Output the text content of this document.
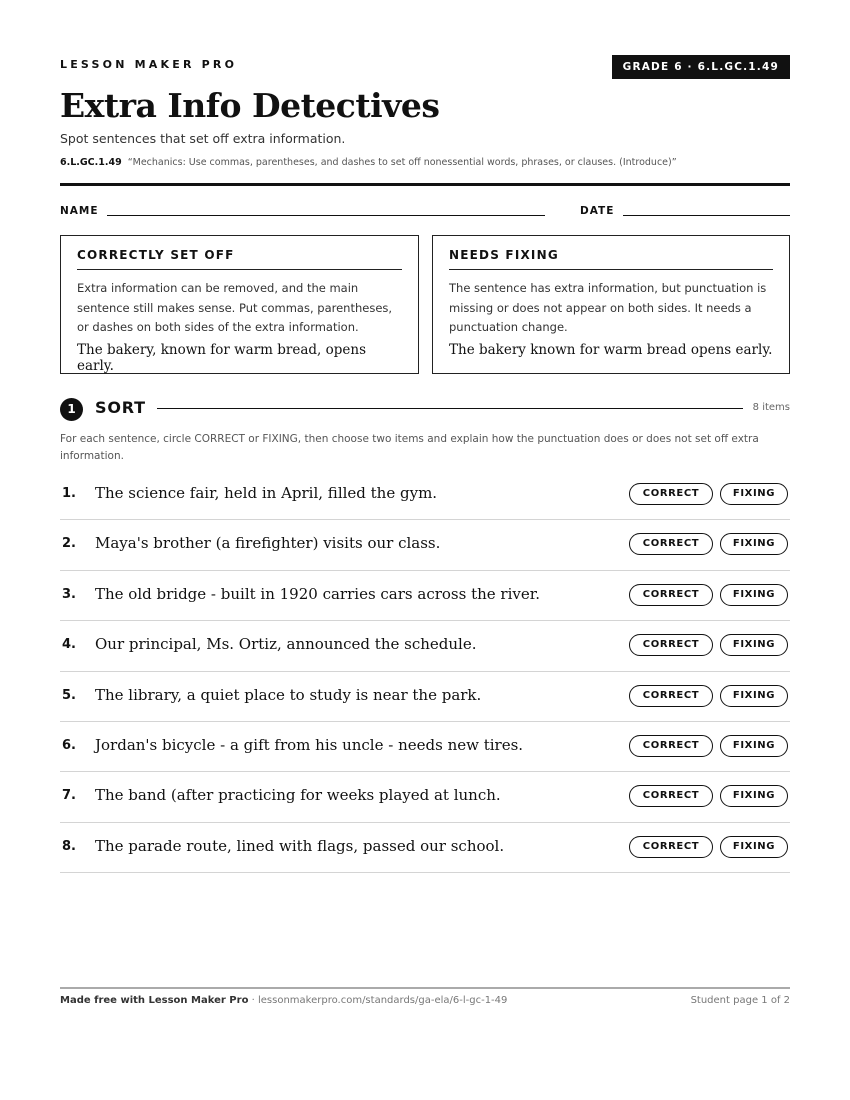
LESSON MAKER PRO	GRADE 6 · 6.L.GC.1.49
Extra Info Detectives
Spot sentences that set off extra information.
6.L.GC.1.49 “Mechanics: Use commas, parentheses, and dashes to set off nonessential words, phrases, or clauses. (Introduce)”
NAME	DATE
CORRECTLY SET OFF
Extra information can be removed, and the main sentence still makes sense. Put commas, parentheses, or dashes on both sides of the extra information.
The bakery, known for warm bread, opens early.
NEEDS FIXING
The sentence has extra information, but punctuation is missing or does not appear on both sides. It needs a punctuation change.
The bakery known for warm bread opens early.
1	SORT	8 items
For each sentence, circle CORRECT or FIXING, then choose two items and explain how the punctuation does or does not set off extra information.
1. The science fair, held in April, filled the gym.	CORRECT	FIXING
2. Maya's brother (a firefighter) visits our class.	CORRECT	FIXING
3. The old bridge - built in 1920 carries cars across the river.	CORRECT	FIXING
4. Our principal, Ms. Ortiz, announced the schedule.	CORRECT	FIXING
5. The library, a quiet place to study is near the park.	CORRECT	FIXING
6. Jordan's bicycle - a gift from his uncle - needs new tires.	CORRECT	FIXING
7. The band (after practicing for weeks played at lunch.	CORRECT	FIXING
8. The parade route, lined with flags, passed our school.	CORRECT	FIXING
Made free with Lesson Maker Pro · lessonmakerpro.com/standards/ga-ela/6-l-gc-1-49	Student page 1 of 2
